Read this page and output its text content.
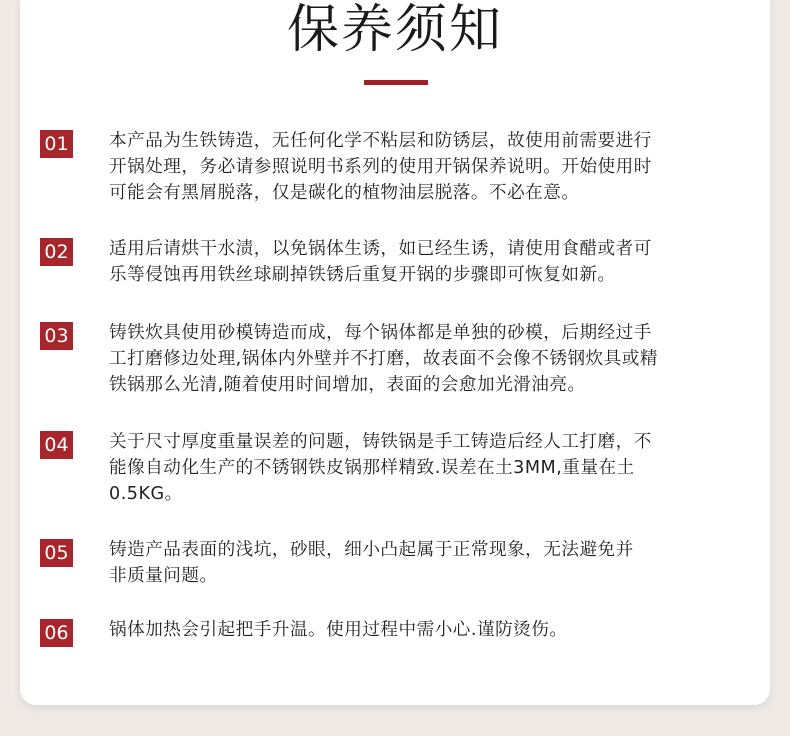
保养须知
01 本产品为生铁铸造，无任何化学不粘层和防锈层，故使用前需要进行
开锅处理，务必请参照说明书系列的使用开锅保养说明。开始使用时
可能会有黑屑脱落，仅是碳化的植物油层脱落。不必在意。
02 适用后请烘干水渍，以免锅体生诱，如已经生诱，请使用食醋或者可
乐等侵蚀再用铁丝球刷掉铁锈后重复开锅的步骤即可恢复如新。
03 铸铁炊具使用砂模铸造而成，每个锅体都是单独的砂模，后期经过手
工打磨修边处理,锅体内外壁并不打磨，故表面不会像不锈钢炊具或精
铁锅那么光清,随着使用时间增加，表面的会愈加光滑油亮。
04 关于尺寸厚度重量误差的问题，铸铁锅是手工铸造后经人工打磨，不
能像自动化生产的不锈钢铁皮锅那样精致.误差在土3MM,重量在土
0.5KG。
05 铸造产品表面的浅坑，砂眼，细小凸起属于正常现象，无法避免并
非质量问题。
06 锅体加热会引起把手升温。使用过程中需小心.谨防烫伤。
